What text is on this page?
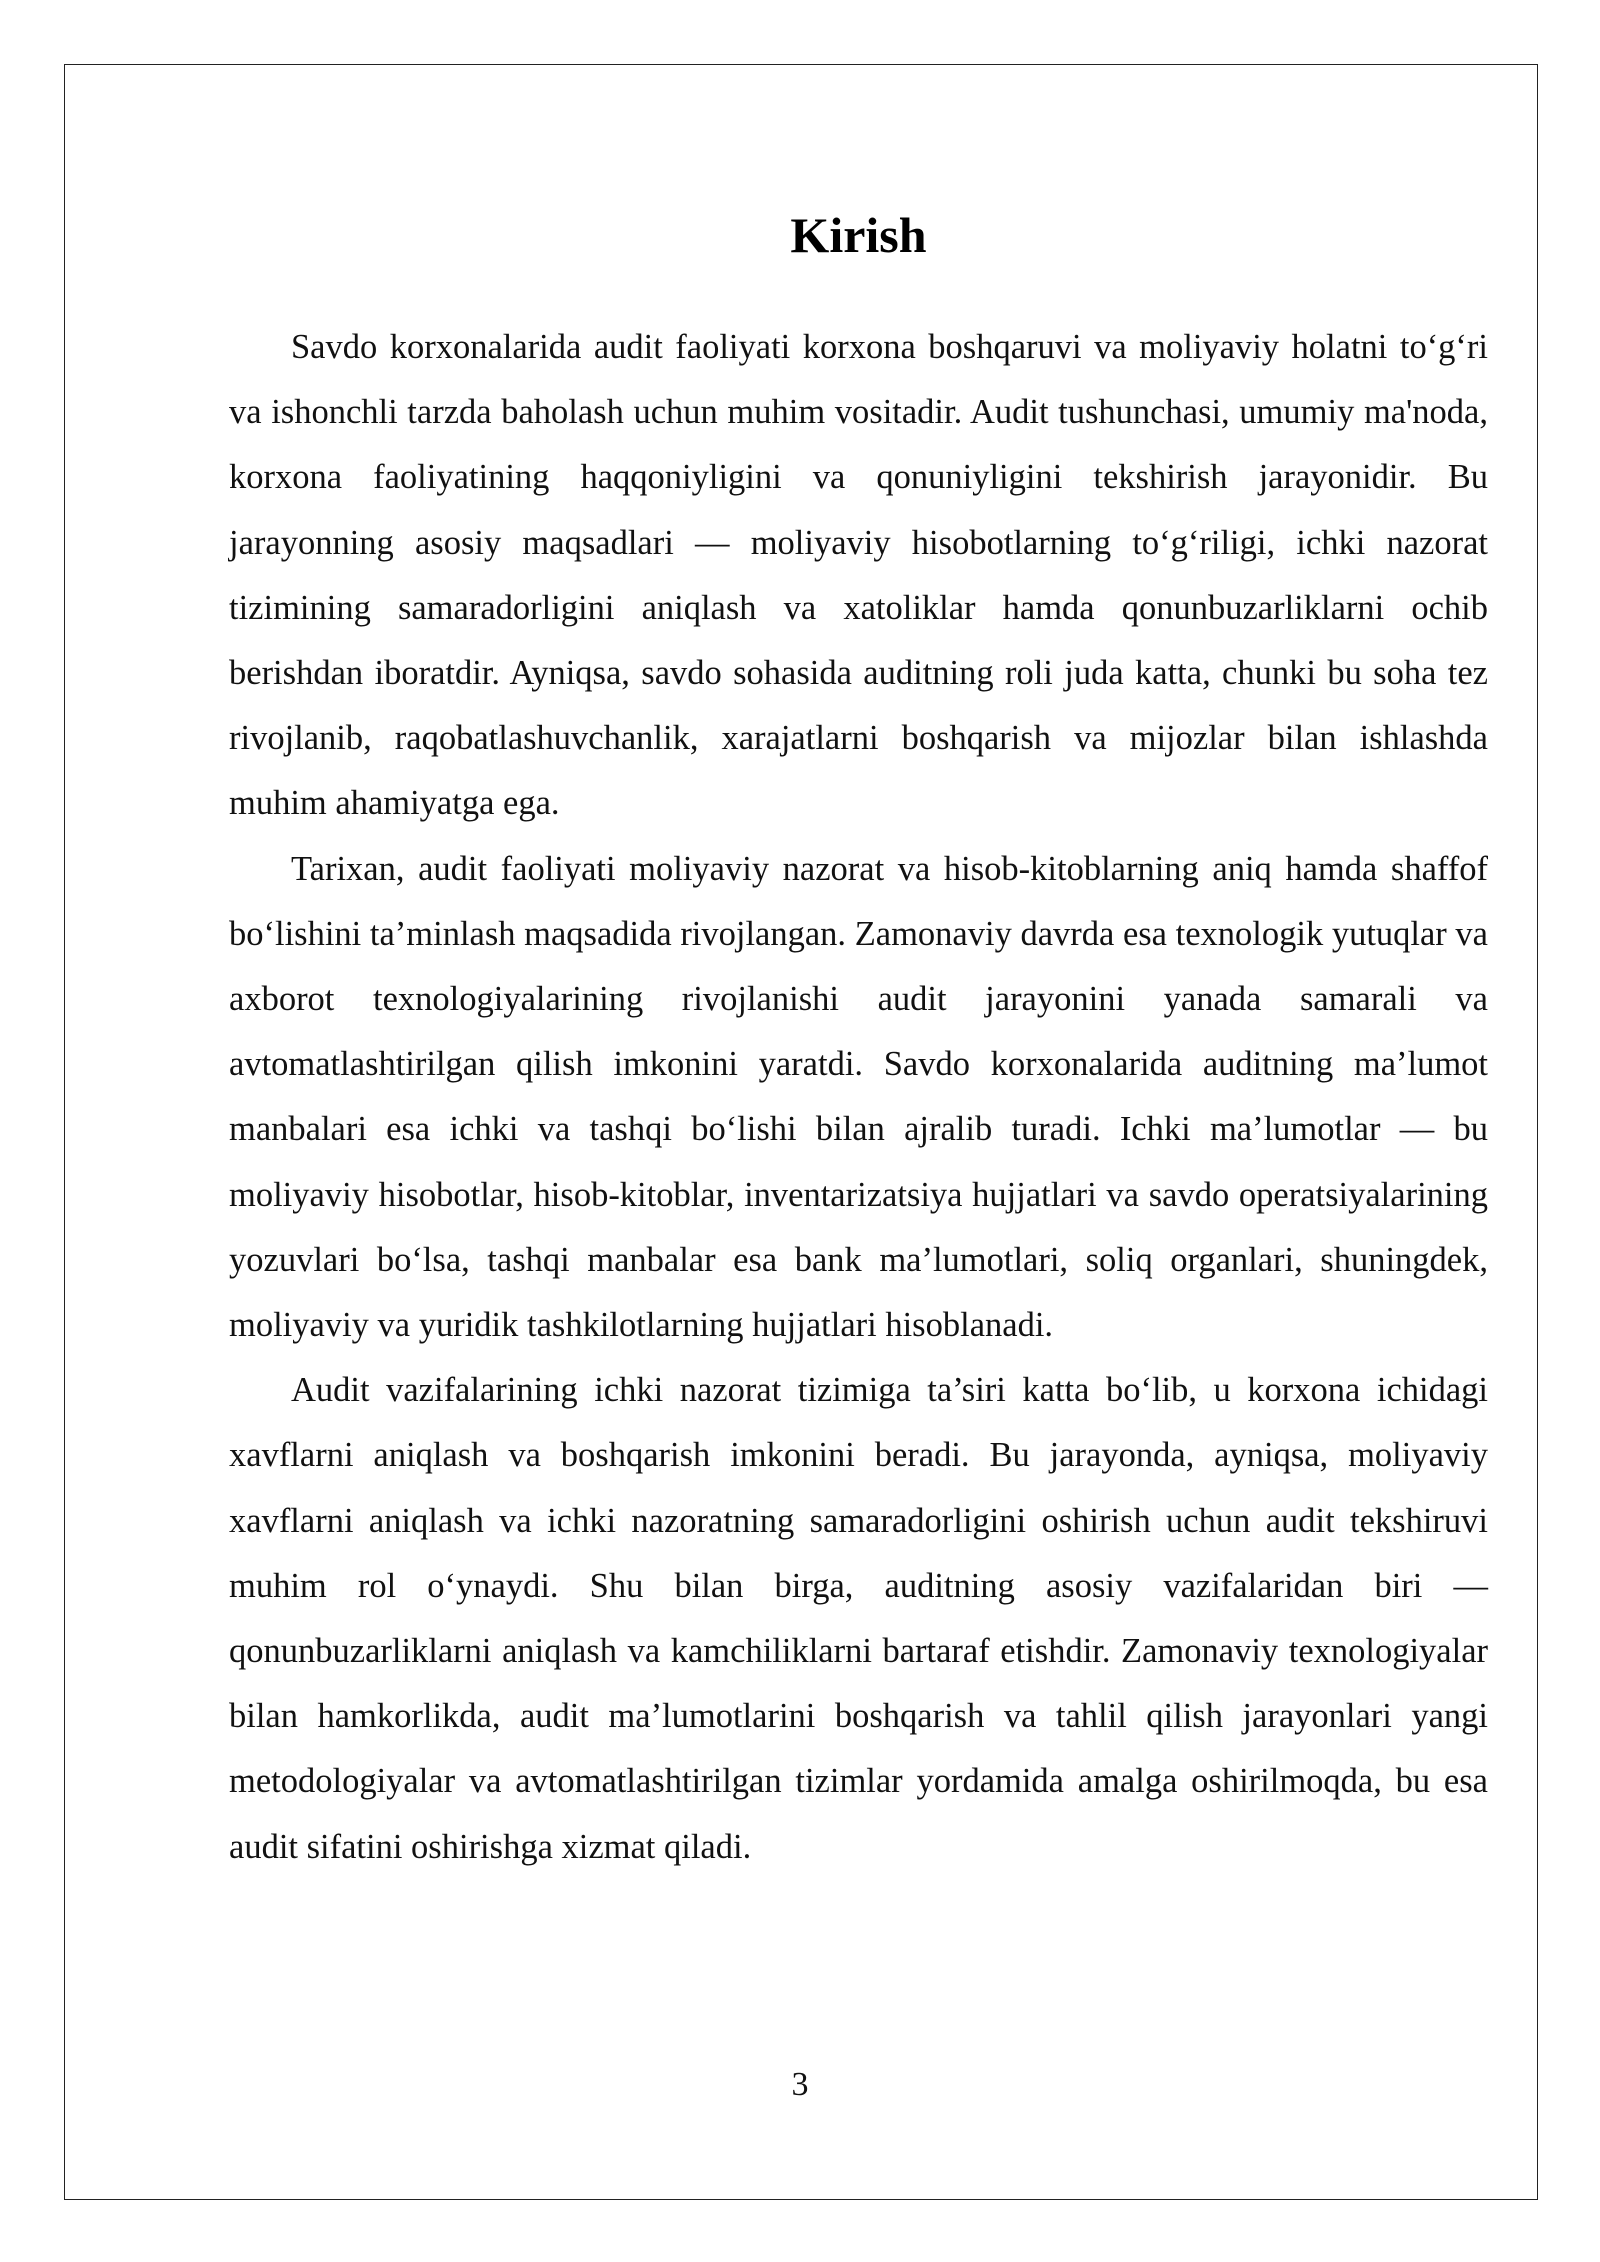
Kirish

Savdo korxonalarida audit faoliyati korxona boshqaruvi va moliyaviy holatni to‘g‘ri va ishonchli tarzda baholash uchun muhim vositadir. Audit tushunchasi, umumiy ma'noda, korxona faoliyatining haqqoniyligini va qonuniyligini tekshirish jarayonidir. Bu jarayonning asosiy maqsadlari — moliyaviy hisobotlarning to‘g‘riligi, ichki nazorat tizimining samaradorligini aniqlash va xatoliklar hamda qonunbuzarliklarni ochib berishdan iboratdir. Ayniqsa, savdo sohasida auditning roli juda katta, chunki bu soha tez rivojlanib, raqobatlashuvchanlik, xarajatlarni boshqarish va mijozlar bilan ishlashda muhim ahamiyatga ega.

Tarixan, audit faoliyati moliyaviy nazorat va hisob-kitoblarning aniq hamda shaffof bo‘lishini ta’minlash maqsadida rivojlangan. Zamonaviy davrda esa texnologik yutuqlar va axborot texnologiyalarining rivojlanishi audit jarayonini yanada samarali va avtomatlashtirilgan qilish imkonini yaratdi. Savdo korxonalarida auditning ma’lumot manbalari esa ichki va tashqi bo‘lishi bilan ajralib turadi. Ichki ma’lumotlar — bu moliyaviy hisobotlar, hisob-kitoblar, inventarizatsiya hujjatlari va savdo operatsiyalarining yozuvlari bo‘lsa, tashqi manbalar esa bank ma’lumotlari, soliq organlari, shuningdek, moliyaviy va yuridik tashkilotlarning hujjatlari hisoblanadi.

Audit vazifalarining ichki nazorat tizimiga ta’siri katta bo‘lib, u korxona ichidagi xavflarni aniqlash va boshqarish imkonini beradi. Bu jarayonda, ayniqsa, moliyaviy xavflarni aniqlash va ichki nazoratning samaradorligini oshirish uchun audit tekshiruvi muhim rol o‘ynaydi. Shu bilan birga, auditning asosiy vazifalaridan biri — qonunbuzarliklarni aniqlash va kamchiliklarni bartaraf etishdir. Zamonaviy texnologiyalar bilan hamkorlikda, audit ma’lumotlarini boshqarish va tahlil qilish jarayonlari yangi metodologiyalar va avtomatlashtirilgan tizimlar yordamida amalga oshirilmoqda, bu esa audit sifatini oshirishga xizmat qiladi.

3
